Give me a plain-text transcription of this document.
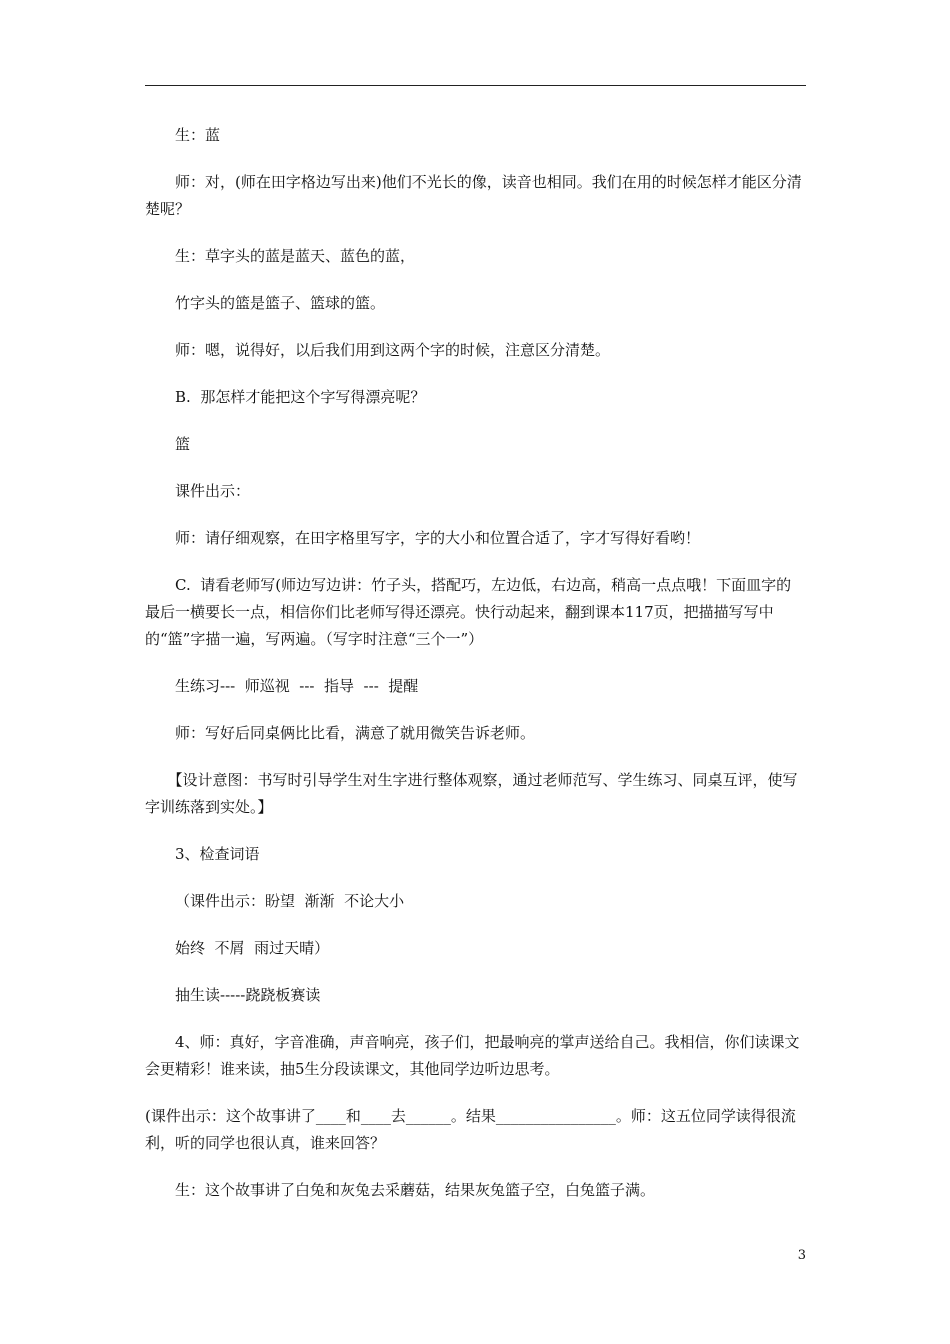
生：蓝

师：对，(师在田字格边写出来)他们不光长的像，读音也相同。我们在用的时候怎样才能区分清楚呢？

生：草字头的蓝是蓝天、蓝色的蓝，

竹字头的篮是篮子、篮球的篮。

师：嗯，说得好，以后我们用到这两个字的时候，注意区分清楚。

B.  那怎样才能把这个字写得漂亮呢？

篮

课件出示：

师：请仔细观察，在田字格里写字，字的大小和位置合适了，字才写得好看哟！

C.  请看老师写(师边写边讲：竹子头，搭配巧，左边低，右边高，稍高一点点哦！下面皿字的最后一横要长一点，相信你们比老师写得还漂亮。快行动起来，翻到课本117页，把描描写写中的“篮”字描一遍，写两遍。（写字时注意“三个一”）

生练习---  师巡视  ---  指导  ---  提醒

师：写好后同桌俩比比看，满意了就用微笑告诉老师。

【设计意图：书写时引导学生对生字进行整体观察，通过老师范写、学生练习、同桌互评，使写字训练落到实处。】

3、检查词语

（课件出示：盼望  渐渐  不论大小

始终  不屑  雨过天晴）

抽生读-----跷跷板赛读

4、师：真好，字音准确，声音响亮，孩子们，把最响亮的掌声送给自己。我相信，你们读课文会更精彩！谁来读，抽5生分段读课文，其他同学边听边思考。

(课件出示：这个故事讲了____和____去______。结果________________。师：这五位同学读得很流利，听的同学也很认真，谁来回答？

生：这个故事讲了白兔和灰兔去采蘑菇，结果灰兔篮子空，白兔篮子满。

3
